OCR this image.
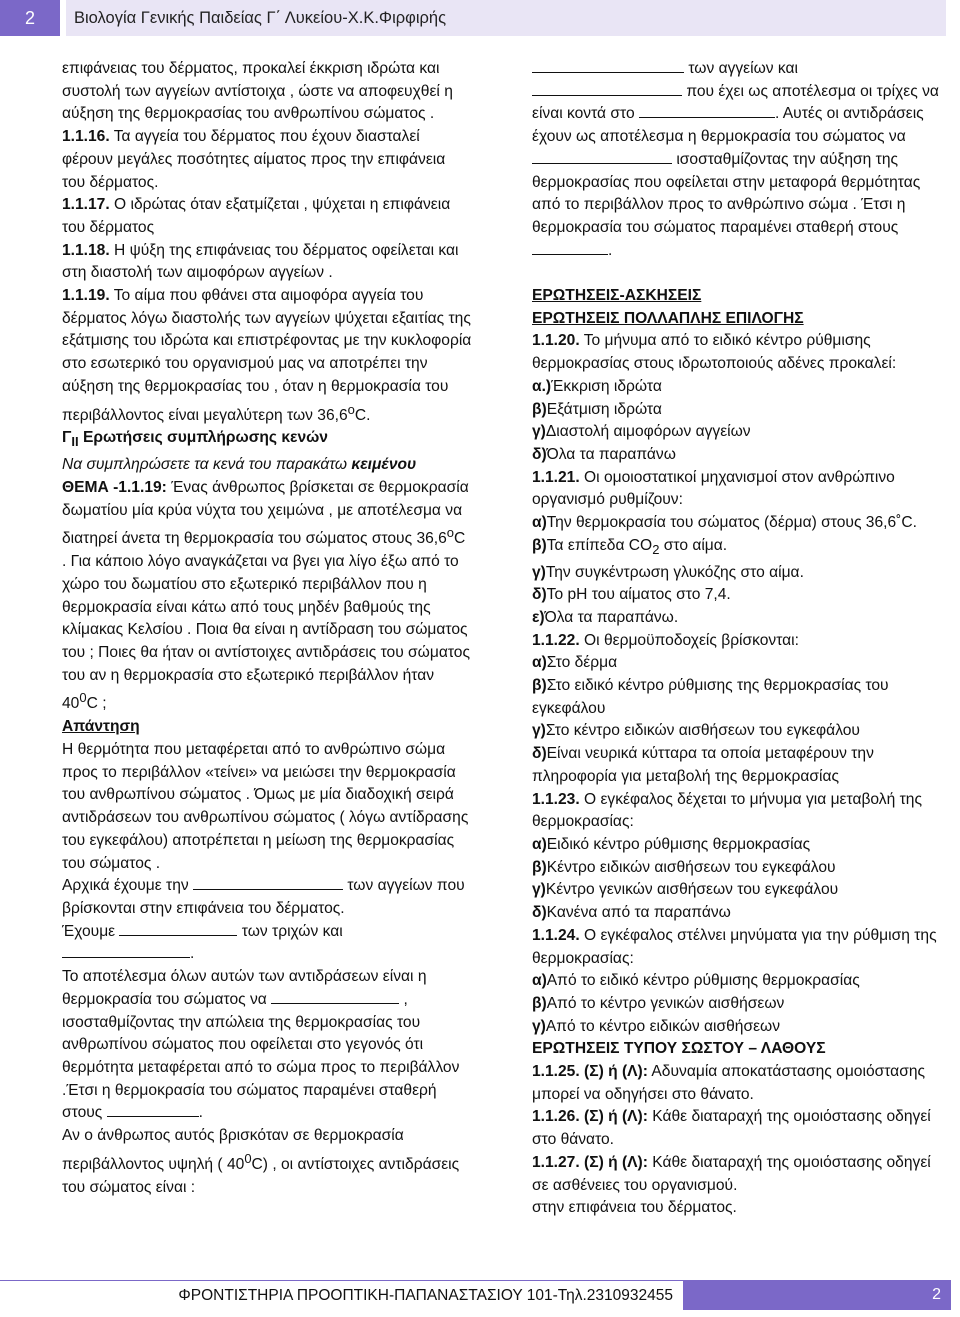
2	Βιολογία Γενικής Παιδείας Γ΄ Λυκείου-Χ.Κ.Φιρφιρής

επιφάνειας του δέρματος, προκαλεί έκκριση ιδρώτα και συστολή των αγγείων αντίστοιχα , ώστε να αποφευχθεί η αύξηση της θερμοκρασίας του ανθρωπίνου σώματος .

1.1.16. Τα αγγεία του δέρματος που έχουν διασταλεί φέρουν μεγάλες ποσότητες αίματος προς την επιφάνεια του δέρματος.

1.1.17. Ο ιδρώτας όταν εξατμίζεται , ψύχεται η επιφάνεια του δέρματος

1.1.18. Η ψύξη της επιφάνειας του δέρματος οφείλεται και στη διαστολή των αιμοφόρων αγγείων .

1.1.19. Το αίμα που φθάνει στα αιμοφόρα αγγεία του δέρματος λόγω διαστολής των αγγείων ψύχεται εξαιτίας της εξάτμισης του ιδρώτα και επιστρέφοντας με την κυκλοφορία στο εσωτερικό του οργανισμού μας να αποτρέπει την αύξηση της θερμοκρασίας του , όταν η θερμοκρασία του περιβάλλοντος είναι μεγαλύτερη των $36,6^oC$.

$\Gamma_{II}$ Ερωτήσεις συμπλήρωσης κενών

Να συμπληρώσετε τα κενά του παρακάτω κειμένου

ΘΕΜΑ -1.1.19: Ένας άνθρωπος βρίσκεται σε θερμοκρασία δωματίου μία κρύα νύχτα του χειμώνα , με αποτέλεσμα να διατηρεί άνετα τη θερμοκρασία του σώματος στους $36,6^oC$ . Για κάποιο λόγο αναγκάζεται να βγει για λίγο έξω από το χώρο του δωματίου στο εξωτερικό περιβάλλον που η θερμοκρασία είναι κάτω από τους μηδέν βαθμούς της κλίμακας Κελσίου . Ποια θα είναι η αντίδραση του σώματος του ; Ποιες θα ήταν οι αντίστοιχες αντιδράσεις του σώματος του αν η θερμοκρασία στο εξωτερικό περιβάλλον ήταν $40^0C$ ;

Απάντηση

Η θερμότητα που μεταφέρεται από το ανθρώπινο σώμα προς το περιβάλλον «τείνει» να μειώσει την θερμοκρασία του ανθρωπίνου σώματος . Όμως με μία διαδοχική σειρά αντιδράσεων του ανθρωπίνου σώματος ( λόγω αντίδρασης του εγκεφάλου) αποτρέπεται η μείωση της θερμοκρασίας του σώματος .

Αρχικά έχουμε την	των αγγείων που βρίσκονται στην επιφάνεια του δέρματος.

Έχουμε	των τριχών και

.

Το αποτέλεσμα όλων αυτών των αντιδράσεων είναι η θερμοκρασία του σώματος να	, ισοσταθμίζοντας την απώλεια της θερμοκρασίας του ανθρωπίνου σώματος που οφείλεται στο γεγονός ότι θερμότητα μεταφέρεται από το σώμα προς το περιβάλλον .Έτσι η θερμοκρασία του σώματος παραμένει σταθερή στους	.

Αν ο άνθρωπος αυτός βρισκόταν σε θερμοκρασία περιβάλλοντος υψηλή ( $40^0C$) , οι αντίστοιχες αντιδράσεις του σώματος είναι :

των αγγείων και
που έχει ως αποτέλεσμα οι τρίχες να είναι κοντά στο	. Αυτές οι αντιδράσεις έχουν ως αποτέλεσμα η θερμοκρασία του σώματος να  ισοσταθμίζοντας την αύξηση της θερμοκρασίας που οφείλεται στην μεταφορά θερμότητας από το περιβάλλον προς το ανθρώπινο σώμα . Έτσι η θερμοκρασία του σώματος παραμένει σταθερή στους .

ΕΡΩΤΗΣΕΙΣ-ΑΣΚΗΣΕΙΣ

ΕΡΩΤΗΣΕΙΣ ΠΟΛΛΑΠΛΗΣ ΕΠΙΛΟΓΗΣ

1.1.20. Το μήνυμα από το ειδικό κέντρο ρύθμισης θερμοκρασίας στους ιδρωτοποιούς αδένες προκαλεί:

α.)Έκκριση ιδρώτα

β)Εξάτμιση ιδρώτα

γ)Διαστολή αιμοφόρων αγγείων

δ)Όλα τα παραπάνω

1.1.21. Οι ομοιοστατικοί μηχανισμοί στον ανθρώπινο οργανισμό ρυθμίζουν:

α)Την θερμοκρασία του σώματος (δέρμα) στους 36,6˚C.

β)Τα επίπεδα $CO_2$ στο αίμα.

γ)Την συγκέντρωση γλυκόζης στο αίμα.

δ)Το pH του αίματος στο 7,4.

ε)Όλα τα παραπάνω.

1.1.22. Οι θερμοϋποδοχείς βρίσκονται:

α)Στο δέρμα

β)Στο ειδικό κέντρο ρύθμισης της θερμοκρασίας του εγκεφάλου

γ)Στο κέντρο ειδικών αισθήσεων του εγκεφάλου

δ)Είναι νευρικά κύτταρα τα οποία μεταφέρουν την πληροφορία για μεταβολή της θερμοκρασίας

1.1.23. Ο εγκέφαλος δέχεται το μήνυμα για μεταβολή της θερμοκρασίας:

α)Ειδικό κέντρο ρύθμισης θερμοκρασίας

β)Κέντρο ειδικών αισθήσεων του εγκεφάλου

γ)Κέντρο γενικών αισθήσεων του εγκεφάλου

δ)Κανένα από τα παραπάνω

1.1.24. Ο εγκέφαλος στέλνει μηνύματα για την ρύθμιση της θερμοκρασίας:

α)Από το ειδικό κέντρο ρύθμισης θερμοκρασίας

β)Από το κέντρο γενικών αισθήσεων

γ)Από το κέντρο ειδικών αισθήσεων

ΕΡΩΤΗΣΕΙΣ ΤΥΠΟΥ ΣΩΣΤΟΥ – ΛΑΘΟΥΣ

1.1.25. (Σ) ή (Λ): Αδυναμία αποκατάστασης ομοιόστασης μπορεί να οδηγήσει στο θάνατο.

1.1.26. (Σ) ή (Λ): Κάθε διαταραχή της ομοιόστασης οδηγεί στο θάνατο.

1.1.27. (Σ) ή (Λ): Κάθε διαταραχή της ομοιόστασης οδηγεί σε ασθένειες του οργανισμού.

στην επιφάνεια του δέρματος.

ΦΡΟΝΤΙΣΤΗΡΙΑ ΠΡΟΟΠΤΙΚΗ-ΠΑΠΑΝΑΣΤΑΣΙΟΥ 101-Τηλ.2310932455	2
